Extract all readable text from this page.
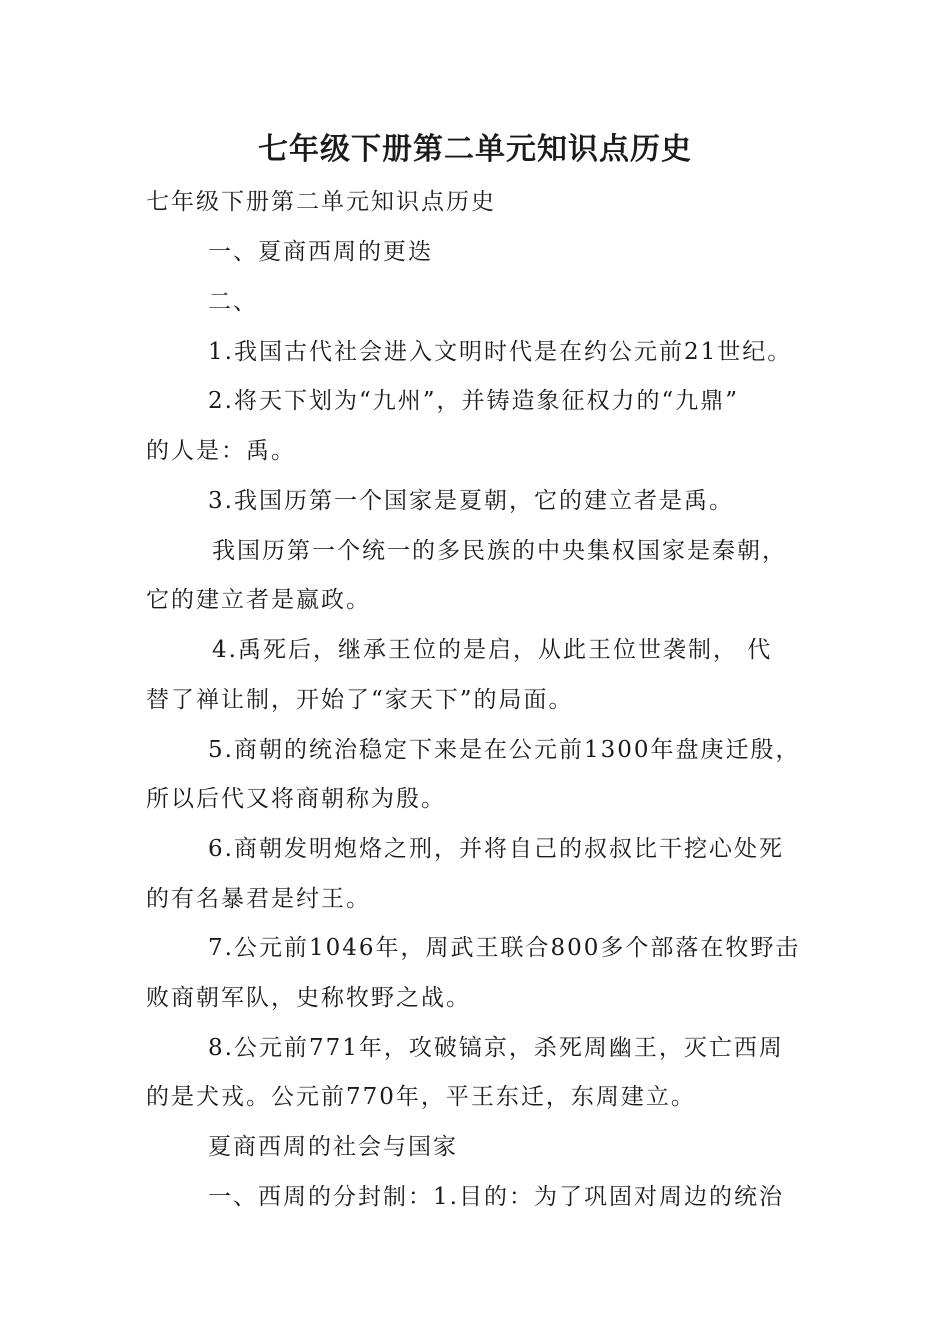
七年级下册第二单元知识点历史
七年级下册第二单元知识点历史
一、夏商西周的更迭
二、
1.我国古代社会进入文明时代是在约公元前21世纪。
2.将天下划为“九州”，并铸造象征权力的“九鼎”
的人是：禹。
3.我国历第一个国家是夏朝，它的建立者是禹。
我国历第一个统一的多民族的中央集权国家是秦朝，
它的建立者是嬴政。
4.禹死后，继承王位的是启，从此王位世袭制， 代
替了禅让制，开始了“家天下”的局面。
5.商朝的统治稳定下来是在公元前1300年盘庚迁殷，
所以后代又将商朝称为殷。
6.商朝发明炮烙之刑，并将自己的叔叔比干挖心处死
的有名暴君是纣王。
7.公元前1046年，周武王联合800多个部落在牧野击
败商朝军队，史称牧野之战。
8.公元前771年，攻破镐京，杀死周幽王，灭亡西周
的是犬戎。公元前770年，平王东迁，东周建立。
夏商西周的社会与国家
一、西周的分封制：1.目的：为了巩固对周边的统治
